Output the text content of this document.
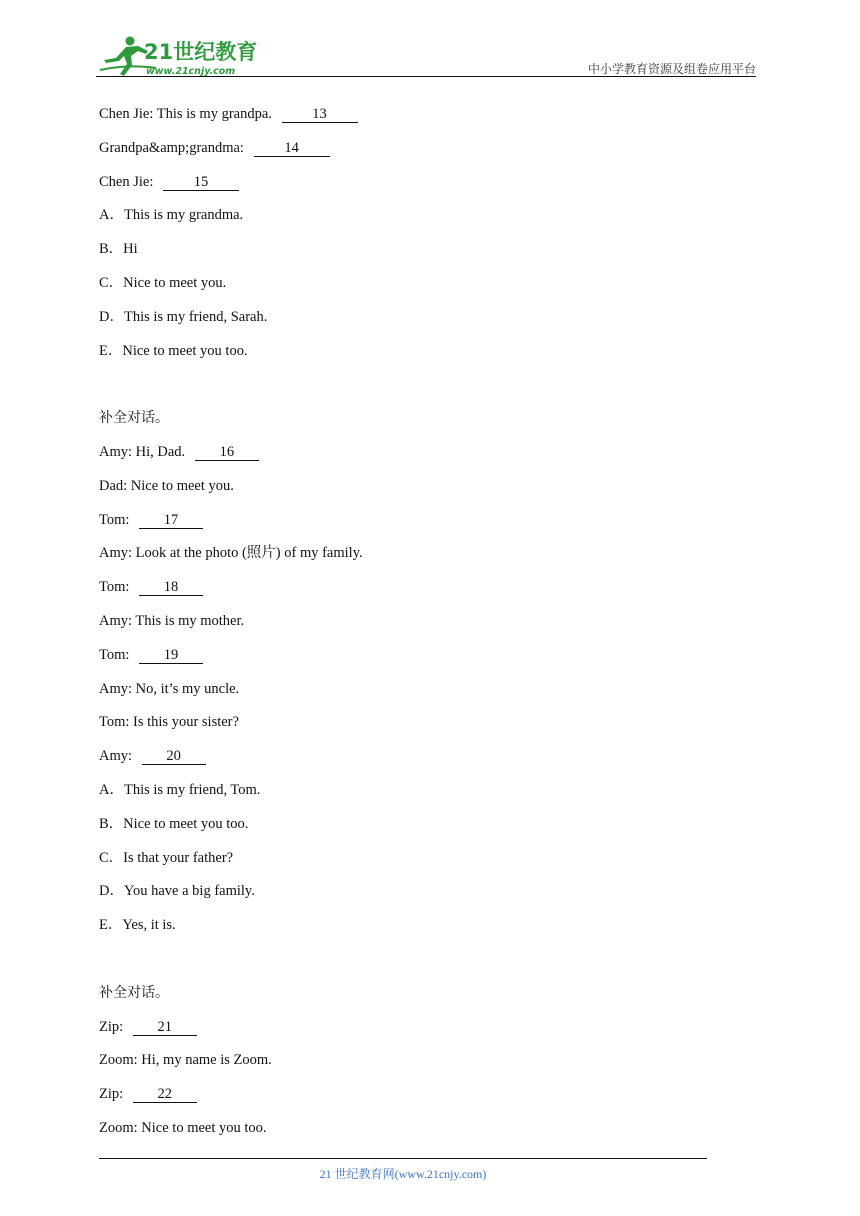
21世纪教育
www.21cnjy.com	中小学教育资源及组卷应用平台
Chen Jie: This is my grandpa.	13
Grandpa&amp;grandma:	14
Chen Jie:	15
A．This is my grandma.
B．Hi
C．Nice to meet you.
D．This is my friend, Sarah.
E．Nice to meet you too.
补全对话。
Amy: Hi, Dad. 16
Dad: Nice to meet you.
Tom: 17
Amy: Look at the photo (照片) of my family.
Tom: 18
Amy: This is my mother.
Tom: 19
Amy: No, it’s my uncle.
Tom: Is this your sister?
Amy: 20
A．This is my friend, Tom.
B．Nice to meet you too.
C．Is that your father?
D．You have a big family.
E．Yes, it is.
补全对话。
Zip: 21
Zoom: Hi, my name is Zoom.
Zip: 22
Zoom: Nice to meet you too.
21 世纪教育网(www.21cnjy.com)
